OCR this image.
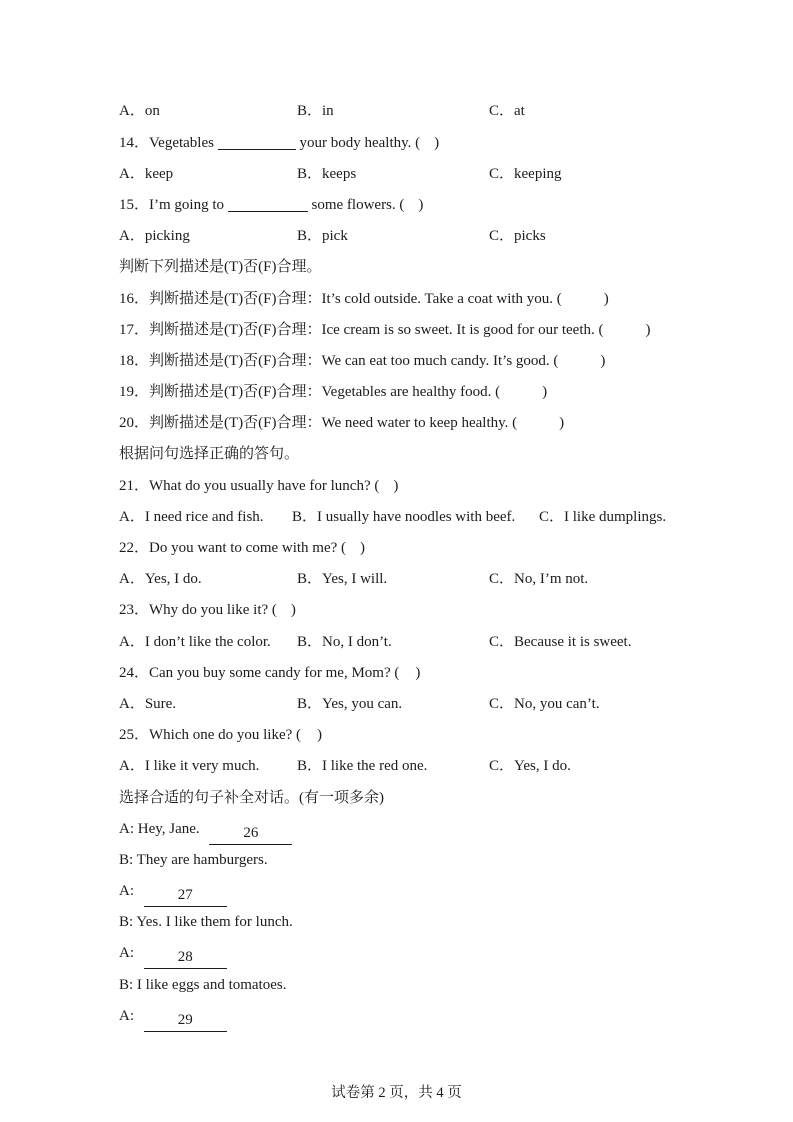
A．on	B．in	C．at
14．Vegetables	your body healthy. ( )
A．keep	B．keeps	C．keeping
15．I’m going to	some flowers. ( )
A．picking	B．pick	C．picks
判断下列描述是(T)否(F)合理。
16．判断描述是(T)否(F)合理：It’s cold outside. Take a coat with you. (	)
17．判断描述是(T)否(F)合理：Ice cream is so sweet. It is good for our teeth. (	)
18．判断描述是(T)否(F)合理：We can eat too much candy. It’s good. (	)
19．判断描述是(T)否(F)合理：Vegetables are healthy food. (	)
20．判断描述是(T)否(F)合理：We need water to keep healthy. (	)
根据问句选择正确的答句。
21．What do you usually have for lunch? ( )
A．I need rice and fish. B．I usually have noodles with beef. C．I like dumplings.
22．Do you want to come with me? ( )
A．Yes, I do.	B．Yes, I will.	C．No, I’m not.
23．Why do you like it? ( )
A．I don’t like the color. B．No, I don’t.	C．Because it is sweet.
24．Can you buy some candy for me, Mom? ( )
A．Sure.	B．Yes, you can.	C．No, you can’t.
25．Which one do you like? ( )
A．I like it very much.	B．I like the red one.	C．Yes, I do.
选择合适的句子补全对话。(有一项多余)
A: Hey, Jane.	26
B: They are hamburgers.
A:	27
B: Yes. I like them for lunch.
A:	28
B: I like eggs and tomatoes.
A:	29
试卷第 2 页，共 4 页
